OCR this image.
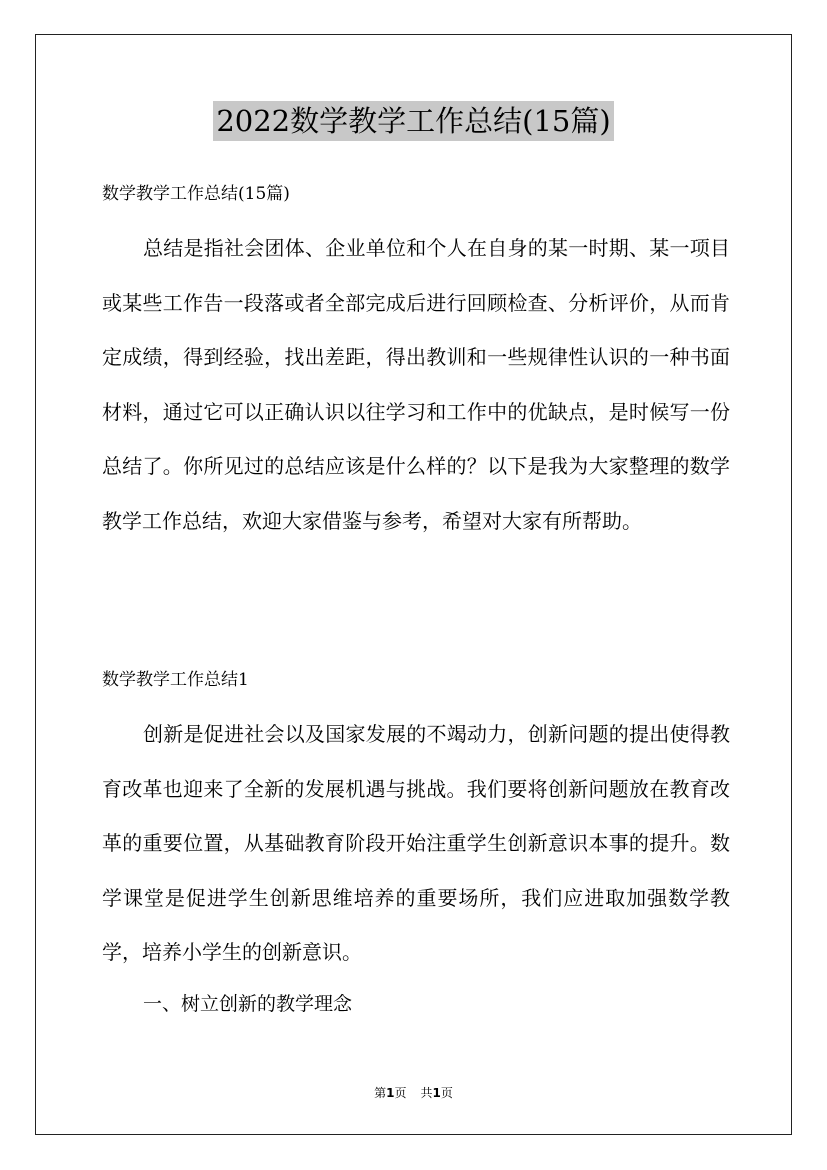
2022数学教学工作总结(15篇)
数学教学工作总结(15篇)

总结是指社会团体、企业单位和个人在自身的某一时期、某一项目或某些工作告一段落或者全部完成后进行回顾检查、分析评价，从而肯定成绩，得到经验，找出差距，得出教训和一些规律性认识的一种书面材料，通过它可以正确认识以往学习和工作中的优缺点，是时候写一份总结了。你所见过的总结应该是什么样的？以下是我为大家整理的数学教学工作总结，欢迎大家借鉴与参考，希望对大家有所帮助。

数学教学工作总结1

创新是促进社会以及国家发展的不竭动力，创新问题的提出使得教育改革也迎来了全新的发展机遇与挑战。我们要将创新问题放在教育改革的重要位置，从基础教育阶段开始注重学生创新意识本事的提升。数学课堂是促进学生创新思维培养的重要场所，我们应进取加强数学教学，培养小学生的创新意识。

一、树立创新的教学理念
第1页 共1页
